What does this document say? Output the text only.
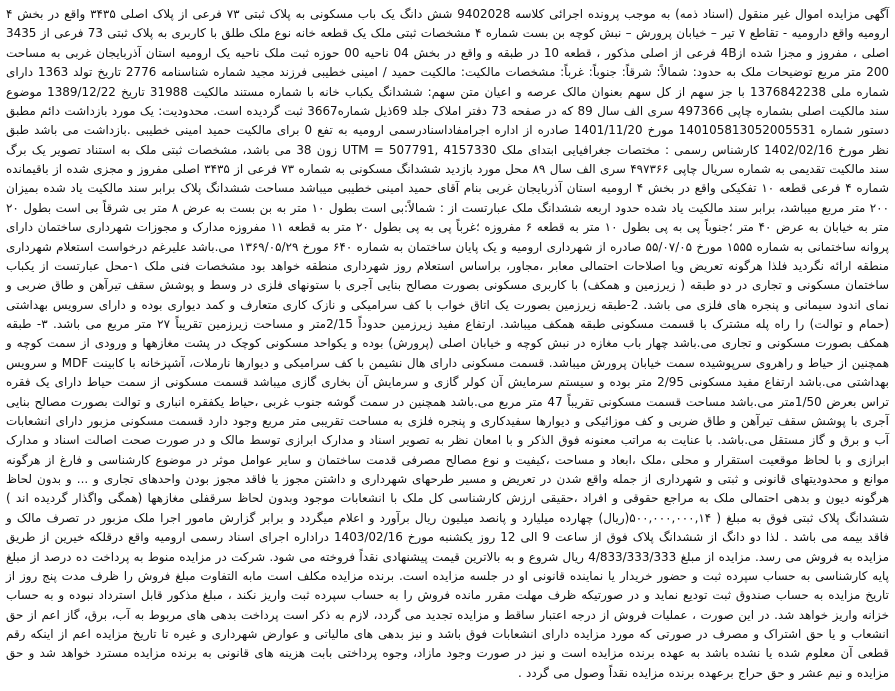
آگهی مزایده اموال غیر منقول (اسناد ذمه) به موجب پرونده اجرائی کلاسه 9402028 شش دانگ یک باب مسکونی به پلاک ثبتی ۷۳ فرعی از پلاک اصلی ۳۴۳۵ واقع در بخش ۴ ارومیه واقع دارومیه - تقاطع ۷ تیر – خیابان پرورش – نبش کوچه بن بست شماره ۴ مشخصات ثبتی ملک یک قطعه خانه نوع ملک طلق با کاربری به پلاک ثبتی 73 فرعی از 3435 اصلی ، مفروز و مجزا شده از4B فرعی از اصلی مذکور ، قطعه 10 در طبقه و واقع در بخش 04 ناحیه 00 حوزه ثبت ملک ناحیه یک ارومیه استان آذربایجان غربی به مساحت 200 متر مربع توضیحات ملک به حدود: شمالاً: شرقاً: جنوباً: غرباً: مشخصات مالکیت: مالکیت حمید / امینی خطیبی فرزند مجید شماره شناسنامه 2776 تاریخ تولد 1363 دارای شماره ملی 1376842238 با جز سهم از کل سهم بعنوان مالک عرصه و اعیان متن سهم: ششدانگ یکباب خانه با شماره مستند مالکیت 31988 تاریخ 1389/12/22 موضوع سند مالکیت اصلی بشماره چاپی 497366 سری الف سال 89 که در صفحه 73 دفتر املاک جلد 69ذیل شماره3667 ثبت گردیده است. محدودیت: یک مورد بازداشت دائم مطبق دستور شماره 140105813052005531 مورخ 1401/11/20 صادره از اداره اجرامفاداسنادرسمی ارومیه به تفع 0 برای مالکیت حمید امینی خطیبی .بازداشت می باشد طبق نظر مورخ 1402/02/16 کارشناس رسمی : مختصات جغرافیایی ابتدای ملک 4157330 ,507791 = UTM زون 38 می باشد، مشخصات ثبتی ملک به استناد تصویر یک برگ سند مالکیت تقدیمی به شماره سریال چاپی ۴۹۷۳۶۶ سری الف سال ۸۹ محل مورد بازدید ششدانگ مسکونی به شماره ۷۳ فرعی از ۳۴۳۵ اصلی مفروز و مجزی شده از باقیمانده شماره ۴ فرعی قطعه ۱۰ تفکیکی واقع در بخش ۴ ارومیه استان آذربایجان غربی بنام آقای حمید امینی خطیبی میباشد مساحت ششدانگ پلاک برابر سند مالکیت یاد شده بمیزان ۲۰۰ متر مربع میباشد، برابر سند مالکیت یاد شده حدود اربعه ششدانگ ملک عبارتست از : شمالاً:بی است بطول ۱۰ متر به بن بست به عرض ۸ متر بی شرقاً بی است بطول ۲۰ متر به خیابان به عرض ۴۰ متر ؛جنوباً پی به پی بطول ۱۰ متر به قطعه ۶ مفروزه ؛غرباً پی به پی بطول ۲۰ متر به قطعه ۱۱ مفروزه مدارک و مجوزات شهرداری ساختمان دارای پروانه ساختمانی به شماره ۱۵۵۵ مورخ ۵۵/۰۷/۰۵ صادره از شهرداری ارومیه و یک پایان ساختمان به شماره ۶۴۰ مورخ ۱۳۶۹/۰۵/۲۹ می.باشد علیرغم درخواست استعلام شهرداری منطقه ارائه نگردید فلذا هرگونه تعریض ویا اصلاحات احتمالی معابر ،مجاور، براساس استعلام روز شهرداری منطقه خواهد بود مشخصات فنی ملک ۱-محل عبارتست از یکباب ساختمان مسکونی و تجاری در دو طبقه ( زیرزمین و همکف) با کاربری مسکونی بصورت مصالح بنایی آجری با ستونهای فلزی در وسط و پوشش سقف تیرآهن و طاق ضربی و نمای اندود سیمانی و پنجره های فلزی می باشد. 2-طبقه زیرزمین بصورت یک اتاق خواب با کف سرامیکی و نازک کاری متعارف و کمد دیواری بوده و دارای سرویس بهداشتی (حمام و توالت) را راه پله مشترک با قسمت مسکونی طبقه همکف میباشد. ارتفاع مفید زیرزمین حدوداً 2/15متر و مساحت زیرزمین تقریباً ۲۷ متر مربع می باشد. ۳- طبقه همکف بصورت مسکونی و تجاری می.باشد چهار باب مغازه در نبش کوچه و خیابان اصلی (پرورش) بوده و یکواحد مسکونی کوچک در پشت مغازهها و ورودی از سمت کوچه و همچنین از حیاط و راهروی سرپوشیده سمت خیابان پرورش میباشد. قسمت مسکونی دارای هال نشیمن با کف سرامیکی و دیوارها نارملات، آشپزخانه با کابینت MDF و سرویس بهداشتی می.باشد ارتفاع مفید مسکونی 2/95 متر بوده و سیستم سرمایش آن کولر گازی و سرمایش آن بخاری گازی میباشد قسمت مسکونی از سمت حیاط دارای یک فقره تراس بعرض 1/50متر می.باشد مساحت قسمت مسکونی تقریباً 47 متر مربع می.باشد همچنین در سمت گوشه جنوب غربی ،حیاط یکفقره انباری و توالت بصورت مصالح بنایی آجری با پوشش سقف تیرآهن و طاق ضربی و کف موزائیکی و دیوارها سفیدکاری و پنجره فلزی به مساحت تقریبی متر مربع وجود دارد قسمت مسکونی مزبور دارای انشعابات آب و برق و گاز مستقل می.باشد. با عنایت به مراتب معنونه فوق الذکر و با امعان نظر به تصویر اسناد و مدارک ابرازی توسط مالک و در صورت صحت اصالت اسناد و مدارک ابرازی و با لحاظ موقعیت استقرار و محلی ،ملک ،ابعاد و مساحت ،کیفیت و نوع مصالح مصرفی قدمت ساختمان و سایر عوامل موثر در موضوع کارشناسی و فارغ از هرگونه موانع و محدودیتهای قانونی و ثبتی و شهرداری از جمله واقع شدن در تعریض و مسیر طرحهای شهرداری و داشتن مجوز یا فاقد مجوز بودن واحدهای تجاری و ... و بدون لحاظ هرگونه دیون و بدهی احتمالی ملک به مراجع حقوقی و افراد ،حقیقی ارزش کارشناسی کل ملک با انشعابات موجود وبدون لحاظ سرقفلی مغازهها (همگی واگذار گردیده اند ) ششدانگ پلاک ثبتی فوق به مبلغ ( ۵۰۰,۰۰۰,۰۰۰,۱۴(ریال) چهارده میلیارد و پانصد میلیون ریال برآورد و اعلام میگردد و برابر گزارش مامور اجرا ملک مزبور در تصرف مالک و فاقد بیمه می باشد . لذا دو دانگ از ششدانگ پلاک فوق از ساعت 9 الی 12 روز یکشنبه مورخ 1403/02/16 دراداره اجرای اسناد رسمی ارومیه واقع درقلکه خیرین از طریق مزایده به فروش می رسد. مزایده از مبلغ 4/833/333/333 ریال شروع و به بالاترین قیمت پیشنهادی نقداً فروخته می شود. شرکت در مزایده منوط به پرداخت ده درصد از مبلغ پایه کارشناسی به حساب سپرده ثبت و حضور خریدار یا نماینده قانونی او در جلسه مزایده است. برنده مزایده مکلف است مابه التفاوت مبلغ فروش را ظرف مدت پنج روز از تاریخ مزایده به حساب صندوق ثبت تودیع نماید و در صورتیکه ظرف مهلت مقرر مانده فروش را به حساب سپرده ثبت واریز نکند ، مبلغ مذکور قابل استرداد نبوده و به حساب خزانه واریز خواهد شد. در این صورت ، عملیات فروش از درجه اعتبار ساقط و مزایده تجدید می گردد، لازم به ذکر است پرداخت بدهی های مربوط به آب، برق، گاز اعم از حق انشعاب و یا حق اشتراک و مصرف در صورتی که مورد مزایده دارای انشعابات فوق باشد و نیز بدهی های مالیاتی و عوارض شهرداری و غیره تا تاریخ مزایده اعم از اینکه رقم قطعی آن معلوم شده یا نشده باشد به عهده برنده مزایده است و نیز در صورت وجود مازاد، وجوه پرداختی بابت هزینه های قانونی به برنده مزایده مسترد خواهد شد و حق مزایده و نیم عشر و حق حراج برعهده برنده مزایده نقداً وصول می گردد .
